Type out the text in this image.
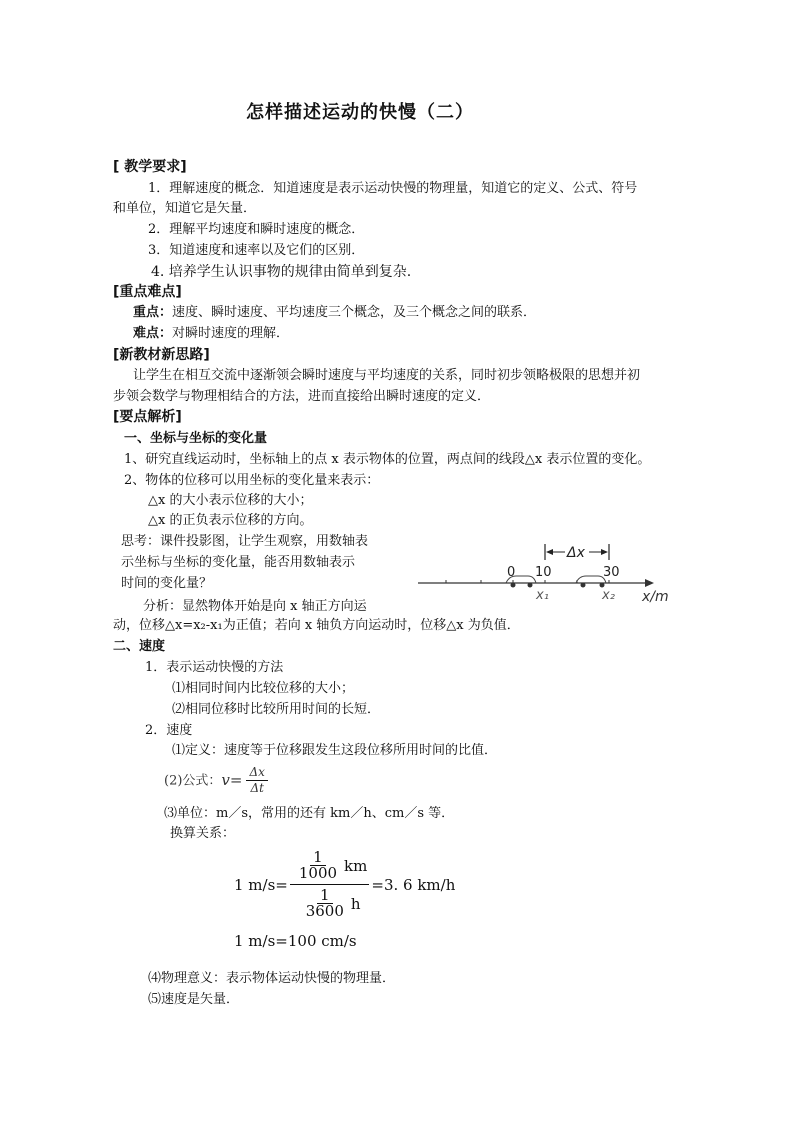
怎样描述运动的快慢（二）
[ 教学要求]
1．理解速度的概念．知道速度是表示运动快慢的物理量，知道它的定义、公式、符号
和单位，知道它是矢量．
2．理解平均速度和瞬时速度的概念．
3．知道速度和速率以及它们的区别．
4. 培养学生认识事物的规律由简单到复杂.
[重点难点]
重点：速度、瞬时速度、平均速度三个概念，及三个概念之间的联系．
难点：对瞬时速度的理解．
[新教材新思路]
让学生在相互交流中逐渐领会瞬时速度与平均速度的关系，同时初步领略极限的思想并初
步领会数学与物理相结合的方法，进而直接给出瞬时速度的定义．
[要点解析]
一、坐标与坐标的变化量
1、研究直线运动时，坐标轴上的点 x 表示物体的位置，两点间的线段△x 表示位置的变化。
2、物体的位移可以用坐标的变化量来表示：
△x 的大小表示位移的大小；
△x 的正负表示位移的方向。
思考：课件投影图，让学生观察，用数轴表
示坐标与坐标的变化量，能否用数轴表示
时间的变化量？
分析：显然物体开始是向 x 轴正方向运
动，位移△x=x₂-x₁为正值；若向 x 轴负方向运动时，位移△x 为负值．
Δx
0 10	30
x₁	x₂ x/m
二、速度
1．表示运动快慢的方法
⑴相同时间内比较位移的大小；
⑵相同位移时比较所用时间的长短．
2．速度
⑴定义：速度等于位移跟发生这段位移所用时间的比值．
(2)公式：$v= \frac{\Delta x}{\Delta t}$
⑶单位：m／s，常用的还有 km／h、cm／s 等．
换算关系：
1 m/s=
$\frac{1}{1000}$ km
$\frac{1}{3600}$ h
=3. 6 km/h
1 m/s=100 cm/s
⑷物理意义：表示物体运动快慢的物理量．
⑸速度是矢量．
